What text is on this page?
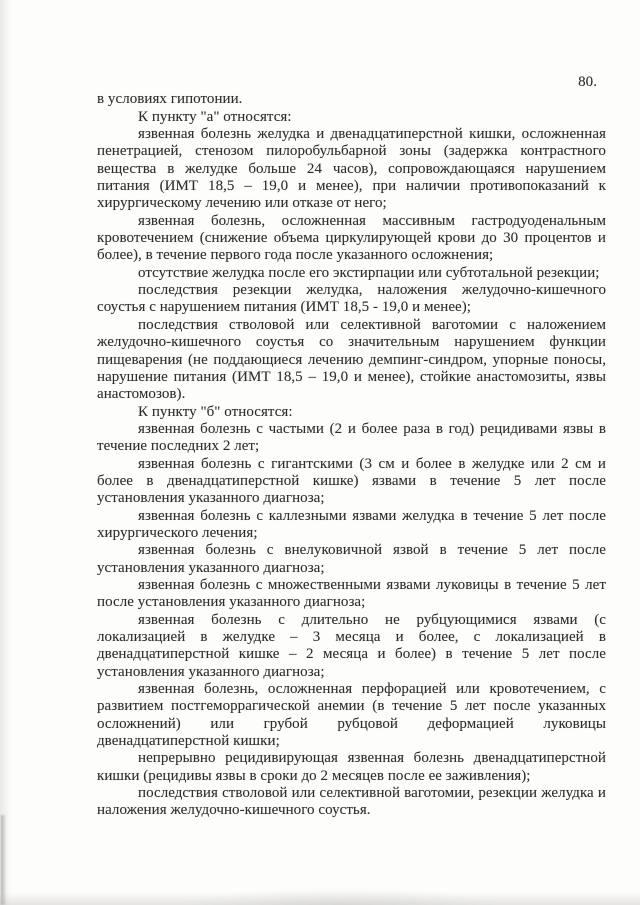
80.

в условиях гипотонии.

К пункту "а" относятся:

язвенная болезнь желудка и двенадцатиперстной кишки, осложненная пенетрацией, стенозом пилоробульбарной зоны (задержка контрастного вещества в желудке больше 24 часов), сопровождающаяся нарушением питания (ИМТ 18,5 – 19,0 и менее), при наличии противопоказаний к хирургическому лечению или отказе от него;

язвенная болезнь, осложненная массивным гастродуоденальным кровотечением (снижение объема циркулирующей крови до 30 процентов и более), в течение первого года после указанного осложнения;

отсутствие желудка после его экстирпации или субтотальной резекции;

последствия резекции желудка, наложения желудочно-кишечного соустья с нарушением питания (ИМТ 18,5 - 19,0 и менее);

последствия стволовой или селективной ваготомии с наложением желудочно-кишечного соустья со значительным нарушением функции пищеварения (не поддающиеся лечению демпинг-синдром, упорные поносы, нарушение питания (ИМТ 18,5 – 19,0 и менее), стойкие анастомозиты, язвы анастомозов).

К пункту "б" относятся:

язвенная болезнь с частыми (2 и более раза в год) рецидивами язвы в течение последних 2 лет;

язвенная болезнь с гигантскими (3 см и более в желудке или 2 см и более в двенадцатиперстной кишке) язвами в течение 5 лет после установления указанного диагноза;

язвенная болезнь с каллезными язвами желудка в течение 5 лет после хирургического лечения;

язвенная болезнь с внелуковичной язвой в течение 5 лет после установления указанного диагноза;

язвенная болезнь с множественными язвами луковицы в течение 5 лет после установления указанного диагноза;

язвенная болезнь с длительно не рубцующимися язвами (с локализацией в желудке – 3 месяца и более, с локализацией в двенадцатиперстной кишке – 2 месяца и более) в течение 5 лет после установления указанного диагноза;

язвенная болезнь, осложненная перфорацией или кровотечением, с развитием постгеморрагической анемии (в течение 5 лет после указанных осложнений) или грубой рубцовой деформацией луковицы двенадцатиперстной кишки;

непрерывно рецидивирующая язвенная болезнь двенадцатиперстной кишки (рецидивы язвы в сроки до 2 месяцев после ее заживления);

последствия стволовой или селективной ваготомии, резекции желудка и наложения желудочно-кишечного соустья.
